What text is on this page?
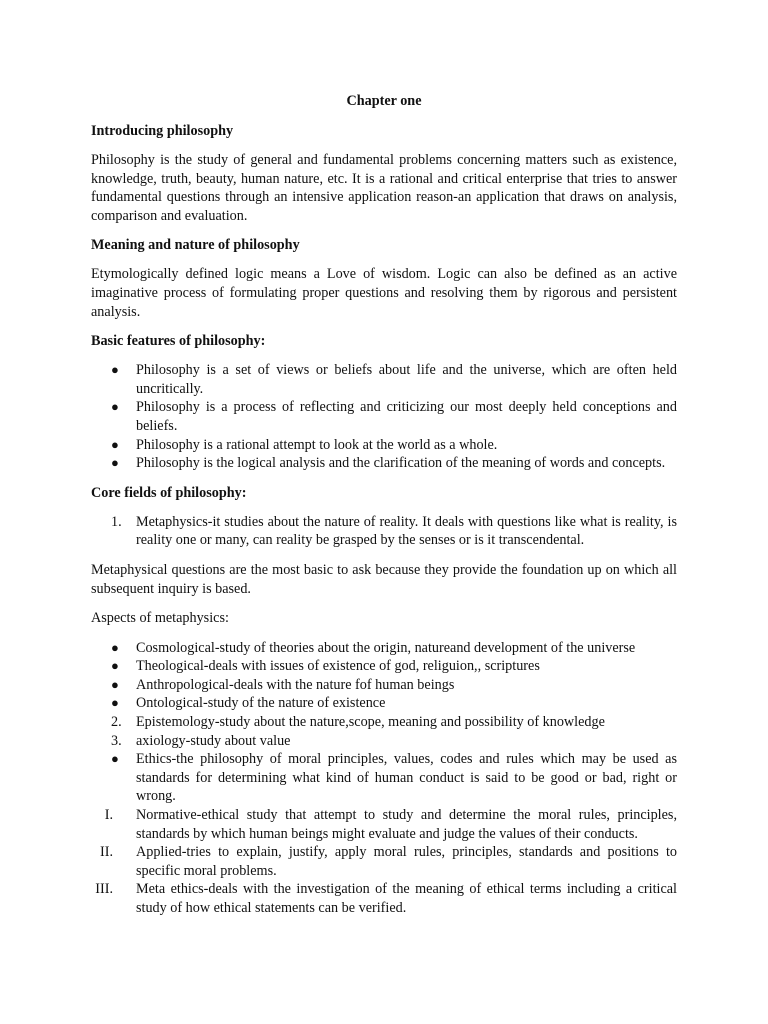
Chapter one
Introducing philosophy

Philosophy is the study of general and fundamental problems concerning matters such as existence, knowledge, truth, beauty, human nature, etc. It is a rational and critical enterprise that tries to answer fundamental questions through an intensive application reason-an application that draws on analysis, comparison and evaluation.

Meaning and nature of philosophy

Etymologically defined logic means a Love of wisdom. Logic can also be defined as an active imaginative process of formulating proper questions and resolving them by rigorous and persistent analysis.

Basic features of philosophy:
● Philosophy is a set of views or beliefs about life and the universe, which are often held uncritically.
● Philosophy is a process of reflecting and criticizing our most deeply held conceptions and beliefs.
● Philosophy is a rational attempt to look at the world as a whole.
● Philosophy is the logical analysis and the clarification of the meaning of words and concepts.
Core fields of philosophy:
1. Metaphysics-it studies about the nature of reality. It deals with questions like what is reality, is reality one or many, can reality be grasped by the senses or is it transcendental.

Metaphysical questions are the most basic to ask because they provide the foundation up on which all subsequent inquiry is based.

Aspects of metaphysics:

● Cosmological-study of theories about the origin, natureand development of the universe
● Theological-deals with issues of existence of god, religuion,, scriptures
● Anthropological-deals with the nature fof human beings
● Ontological-study of the nature of existence
2. Epistemology-study about the nature,scope, meaning and possibility of knowledge
3. axiology-study about value
● Ethics-the philosophy of moral principles, values, codes and rules which may be used as standards for determining what kind of human conduct is said to be good or bad, right or wrong.
I. Normative-ethical study that attempt to study and determine the moral rules, principles, standards by which human beings might evaluate and judge the values of their conducts.
II. Applied-tries to explain, justify, apply moral rules, principles, standards and positions to specific moral problems.
III. Meta ethics-deals with the investigation of the meaning of ethical terms including a critical study of how ethical statements can be verified.
